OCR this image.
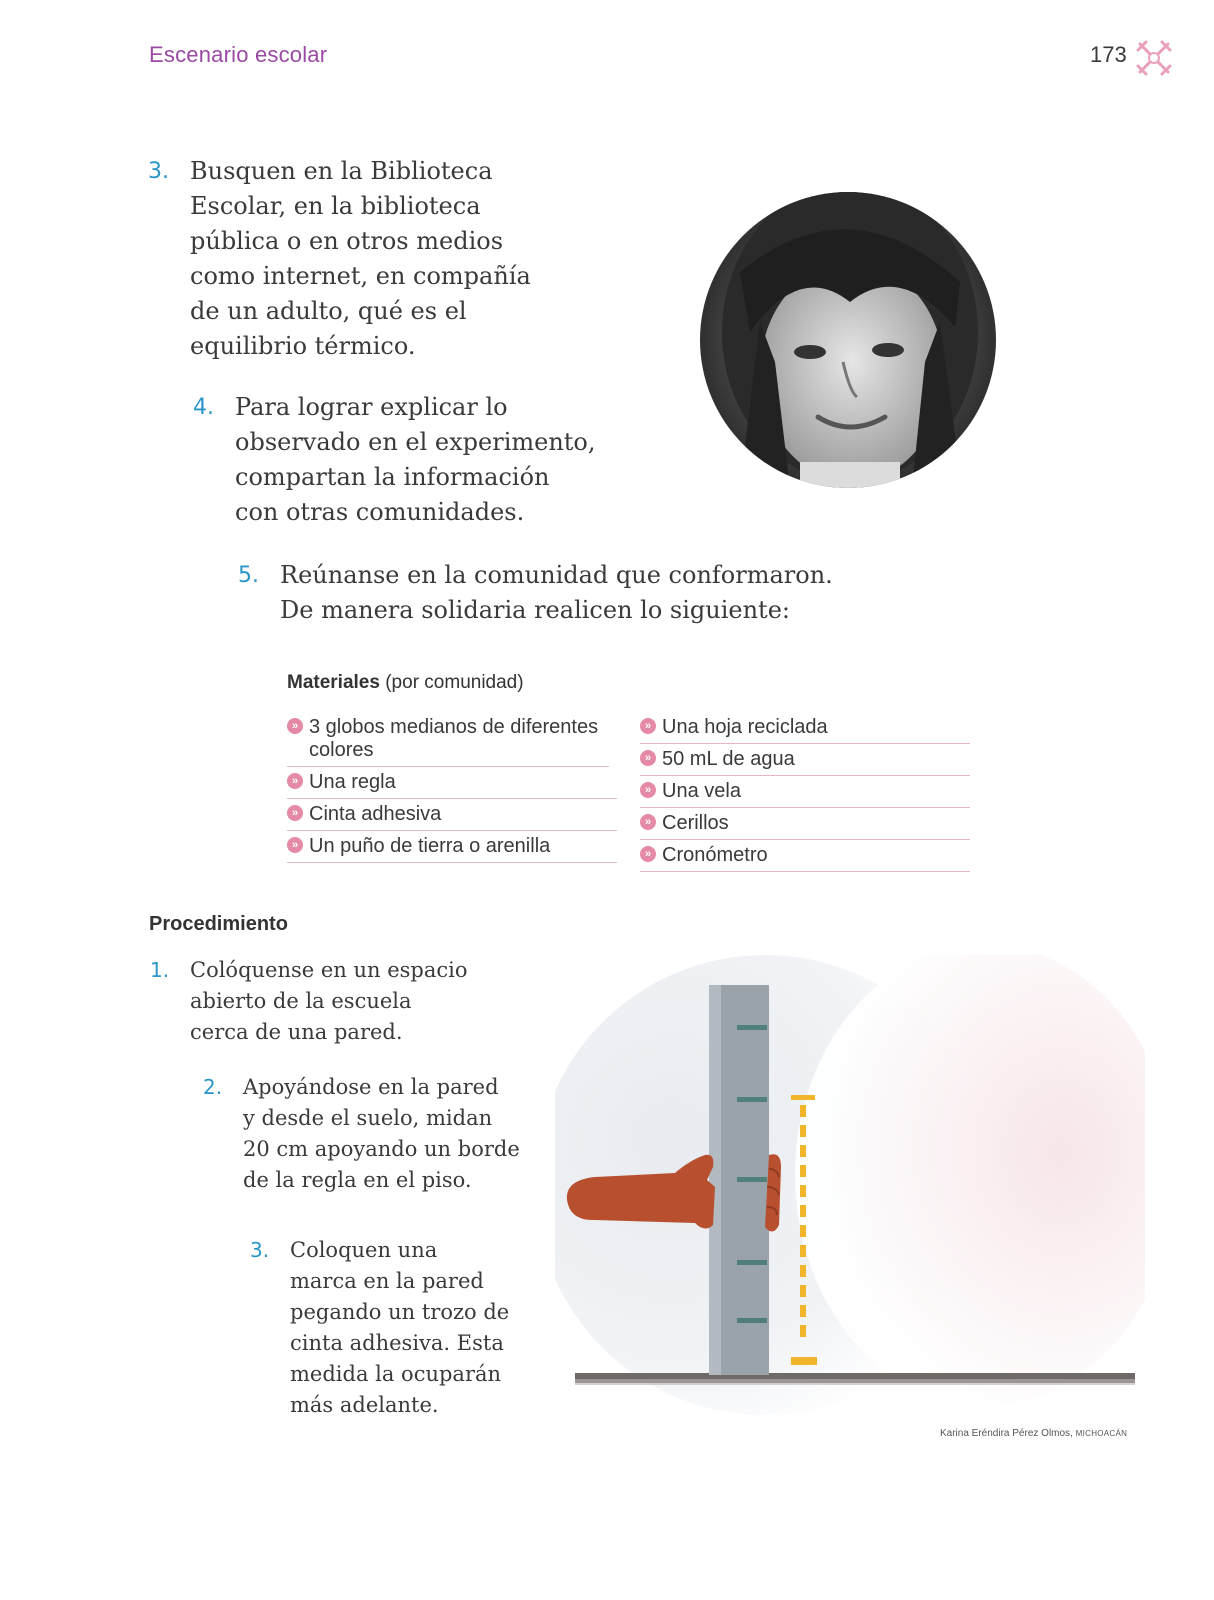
Escenario escolar	173
3. Busquen en la Biblioteca

Escolar, en la biblioteca

pública o en otros medios

como internet, en compañía

de un adulto, qué es el

equilibrio térmico.

4. Para lograr explicar lo

observado en el experimento,

compartan la información

con otras comunidades.

5. Reúnanse en la comunidad que conformaron.

De manera solidaria realicen lo siguiente:

Materiales (por comunidad)
» 3 globos medianos de diferentes colores
» Una regla
» Cinta adhesiva
» Un puño de tierra o arenilla
» Una hoja reciclada
» 50 mL de agua
» Una vela
» Cerillos
» Cronómetro
Procedimiento
1. Colóquense en un espacio

abierto de la escuela

cerca de una pared.

2. Apoyándose en la pared

y desde el suelo, midan

20 cm apoyando un borde

de la regla en el piso.

3. Coloquen una

marca en la pared

pegando un trozo de

cinta adhesiva. Esta

medida la ocuparán

más adelante.

Karina Eréndira Pérez Olmos, MICHOACÁN
